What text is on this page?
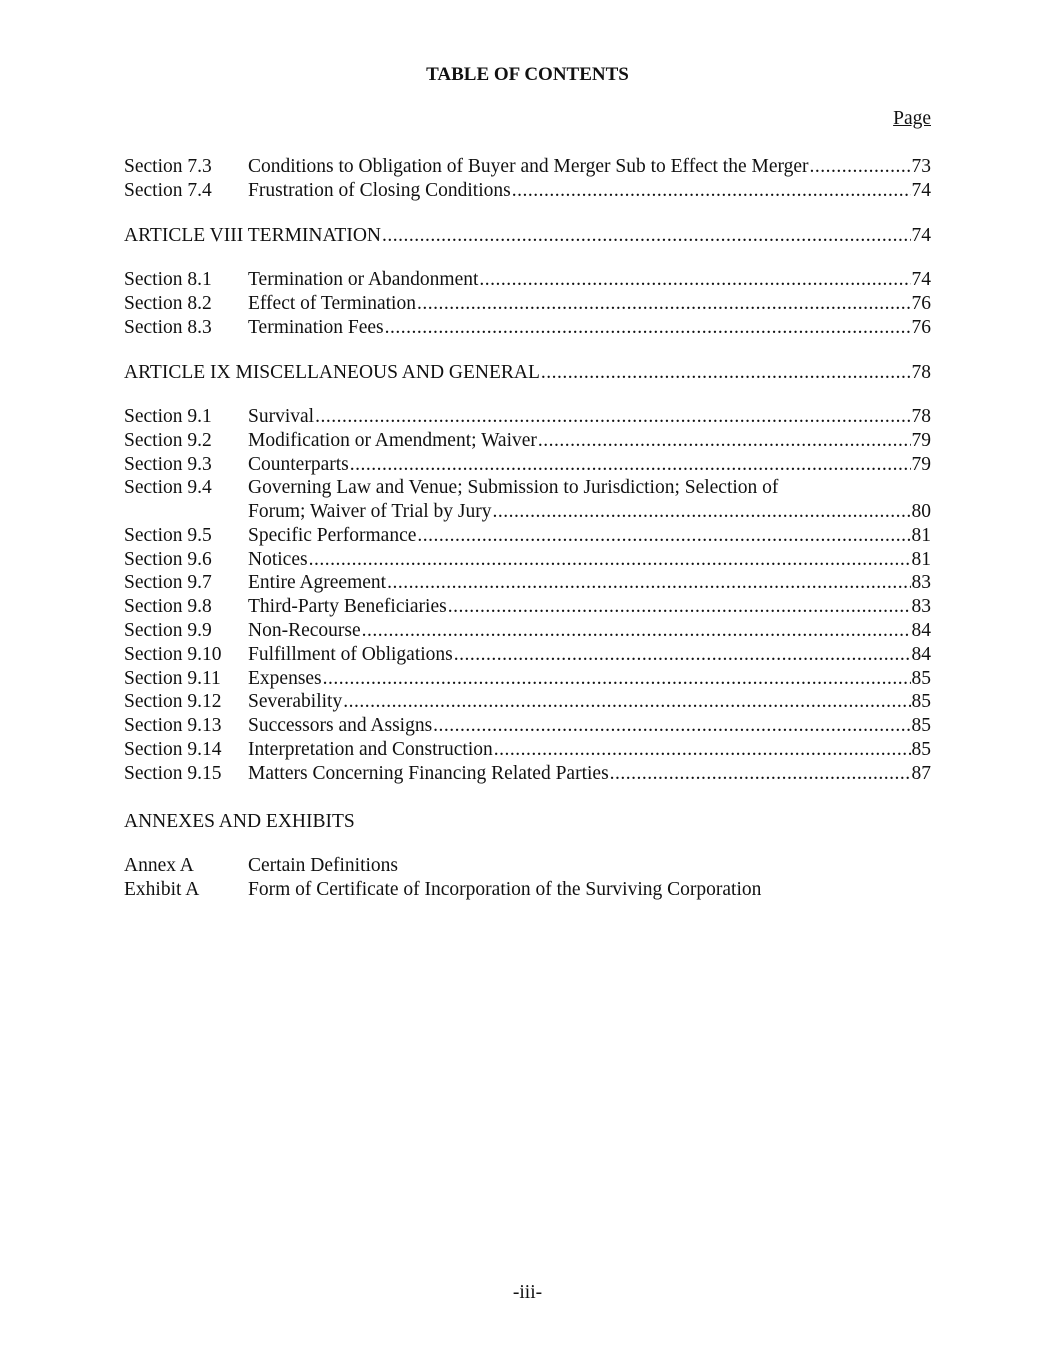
TABLE OF CONTENTS
Page
Section 7.3 Conditions to Obligation of Buyer and Merger Sub to Effect the Merger .....	73
Section 7.4 Frustration of Closing Conditions .....	74
ARTICLE VIII TERMINATION .....	74
Section 8.1 Termination or Abandonment .....	74
Section 8.2 Effect of Termination .....	76
Section 8.3 Termination Fees .....	76
ARTICLE IX MISCELLANEOUS AND GENERAL .....	78
Section 9.1 Survival .....	78
Section 9.2 Modification or Amendment; Waiver .....	79
Section 9.3 Counterparts .....	79
Section 9.4 Governing Law and Venue; Submission to Jurisdiction; Selection of
Forum; Waiver of Trial by Jury .....	80
Section 9.5 Specific Performance .....	81
Section 9.6 Notices .....	81
Section 9.7 Entire Agreement .....	83
Section 9.8 Third-Party Beneficiaries .....	83
Section 9.9 Non-Recourse .....	84
Section 9.10 Fulfillment of Obligations .....	84
Section 9.11 Expenses .....	85
Section 9.12 Severability .....	85
Section 9.13 Successors and Assigns .....	85
Section 9.14 Interpretation and Construction .....	85
Section 9.15 Matters Concerning Financing Related Parties .....	87
ANNEXES AND EXHIBITS
Annex A	Certain Definitions
Exhibit A Form of Certificate of Incorporation of the Surviving Corporation
-iii-
